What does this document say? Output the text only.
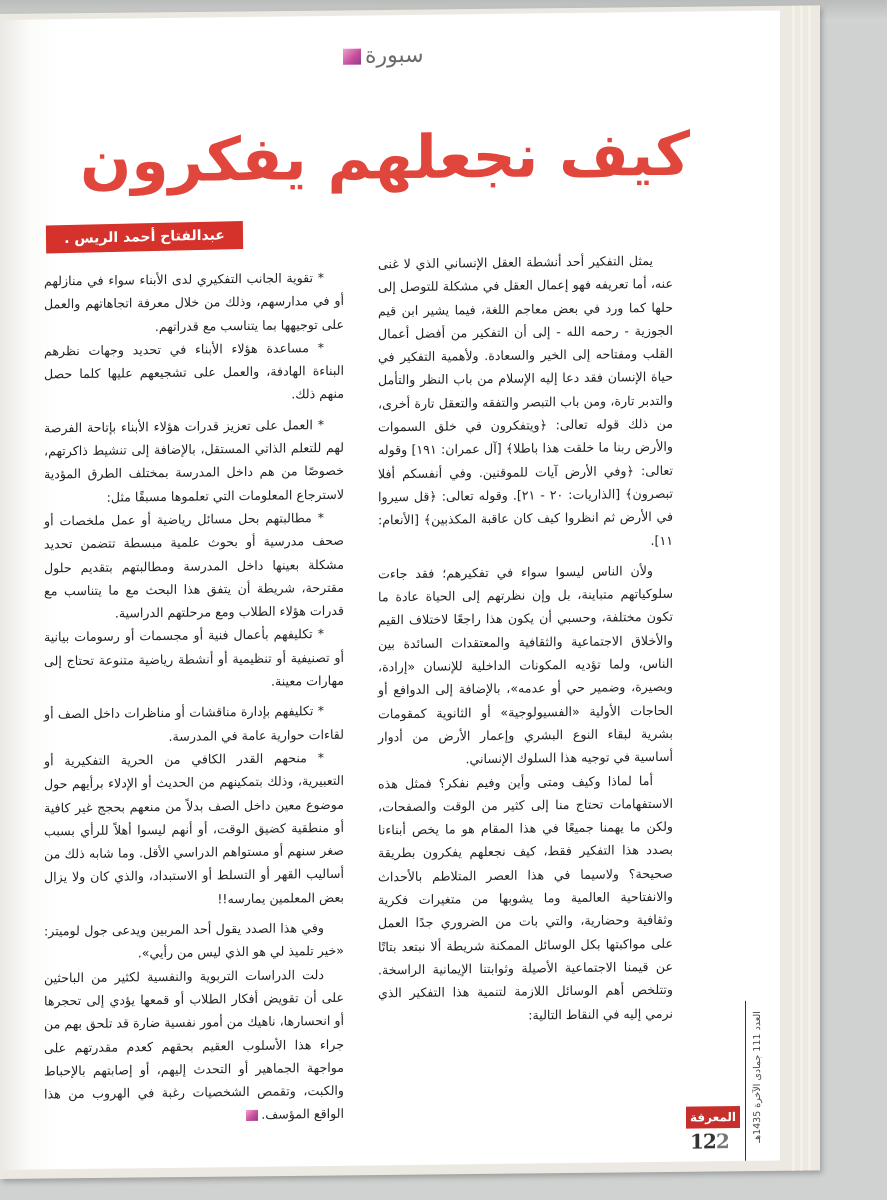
سبورة
كيف نجعلهم يفكرون
عبدالفتاح أحمد الريس . تبوك	يمثل التفكير أحد أنشطة العقل الإنساني الذي لا غنى عنه، أما تعريفه فهو إعمال العقل في مشكلة للتوصل إلى حلها كما ورد في بعض معاجم اللغة، فيما يشير ابن قيم الجوزية - رحمه الله - إلى أن التفكير من أفضل أعمال القلب ومفتاحه إلى الخير والسعادة. ولأهمية التفكير في حياة الإنسان فقد دعا إليه الإسلام من باب النظر والتأمل والتدبر تارة، ومن باب التبصر والتفقه والتعقل تارة أخرى، من ذلك قوله تعالى: ﴿ويتفكرون في خلق السموات والأرض ربنا ما خلقت هذا باطلا﴾ [آل عمران: ١٩١] وقوله تعالى: ﴿وفي الأرض آيات للموقنين. وفي أنفسكم أفلا تبصرون﴾ [الذاريات: ٢٠ - ٢١]. وقوله تعالى: ﴿قل سيروا في الأرض ثم انظروا كيف كان عاقبة المكذبين﴾ [الأنعام: ١١].

ولأن الناس ليسوا سواء في تفكيرهم؛ فقد جاءت سلوكياتهم متباينة، بل وإن نظرتهم إلى الحياة عادة ما تكون مختلفة، وحسبي أن يكون هذا راجعًا لاختلاف القيم والأخلاق الاجتماعية والثقافية والمعتقدات السائدة بين الناس، ولما تؤديه المكونات الداخلية للإنسان «إرادة، وبصيرة، وضمير حي أو عدمه»، بالإضافة إلى الدوافع أو الحاجات الأولية «الفسيولوجية» أو الثانوية كمقومات بشرية لبقاء النوع البشري وإعمار الأرض من أدوار أساسية في توجيه هذا السلوك الإنساني.

أما لماذا وكيف ومتى وأين وفيم نفكر؟ فمثل هذه الاستفهامات تحتاج منا إلى كثير من الوقت والصفحات، ولكن ما يهمنا جميعًا في هذا المقام هو ما يخص أبناءنا بصدد هذا التفكير فقط، كيف نجعلهم يفكرون بطريقة صحيحة؟ ولاسيما في هذا العصر المتلاطم بالأحداث والانفتاحية العالمية وما يشوبها من متغيرات فكرية وثقافية وحضارية، والتي بات من الضروري جدًا العمل على مواكبتها بكل الوسائل الممكنة شريطة ألا نبتعد بتاتًا عن قيمنا الاجتماعية الأصيلة وثوابتنا الإيمانية الراسخة. وتتلخص أهم الوسائل اللازمة لتنمية هذا التفكير الذي نرمي إليه في النقاط التالية:

* تقوية الجانب التفكيري لدى الأبناء سواء في منازلهم أو في مدارسهم، وذلك من خلال معرفة اتجاهاتهم والعمل على توجيهها بما يتناسب مع قدراتهم.

* مساعدة هؤلاء الأبناء في تحديد وجهات نظرهم البناءة الهادفة، والعمل على تشجيعهم عليها كلما حصل منهم ذلك.

* العمل على تعزيز قدرات هؤلاء الأبناء بإتاحة الفرصة لهم للتعلم الذاتي المستقل، بالإضافة إلى تنشيط ذاكرتهم، خصوصًا من هم داخل المدرسة بمختلف الطرق المؤدية لاسترجاع المعلومات التي تعلموها مسبقًا مثل:

* مطالبتهم بحل مسائل رياضية أو عمل ملخصات أو صحف مدرسية أو بحوث علمية مبسطة تتضمن تحديد مشكلة بعينها داخل المدرسة ومطالبتهم بتقديم حلول مقترحة، شريطة أن يتفق هذا البحث مع ما يتناسب مع قدرات هؤلاء الطلاب ومع مرحلتهم الدراسية.

* تكليفهم بأعمال فنية أو مجسمات أو رسومات بيانية أو تصنيفية أو تنظيمية أو أنشطة رياضية متنوعة تحتاج إلى مهارات معينة.

* تكليفهم بإدارة مناقشات أو مناظرات داخل الصف أو لقاءات حوارية عامة في المدرسة.

* منحهم القدر الكافي من الحرية التفكيرية أو التعبيرية، وذلك بتمكينهم من الحديث أو الإدلاء برأيهم حول موضوع معين داخل الصف بدلاً من منعهم بحجج غير كافية أو منطقية كضيق الوقت، أو أنهم ليسوا أهلاً للرأي بسبب صغر سنهم أو مستواهم الدراسي الأقل. وما شابه ذلك من أساليب القهر أو التسلط أو الاستبداد، والذي كان ولا يزال بعض المعلمين يمارسه!!

وفي هذا الصدد يقول أحد المربين ويدعى جول لوميتر: «خير تلميذ لي هو الذي ليس من رأيي».

دلت الدراسات التربوية والنفسية لكثير من الباحثين على أن تقويض أفكار الطلاب أو قمعها يؤدي إلى تحجرها أو انحسارها، ناهيك من أمور نفسية ضارة قد تلحق بهم من جراء هذا الأسلوب العقيم بحقهم كعدم مقدرتهم على مواجهة الجماهير أو التحدث إليهم، أو إصابتهم بالإحباط والكبت، وتقمص الشخصيات رغبة في الهروب من هذا الواقع المؤسف.	المعرفة
122 العدد 111 جمادى الآخرة 1435هـ
